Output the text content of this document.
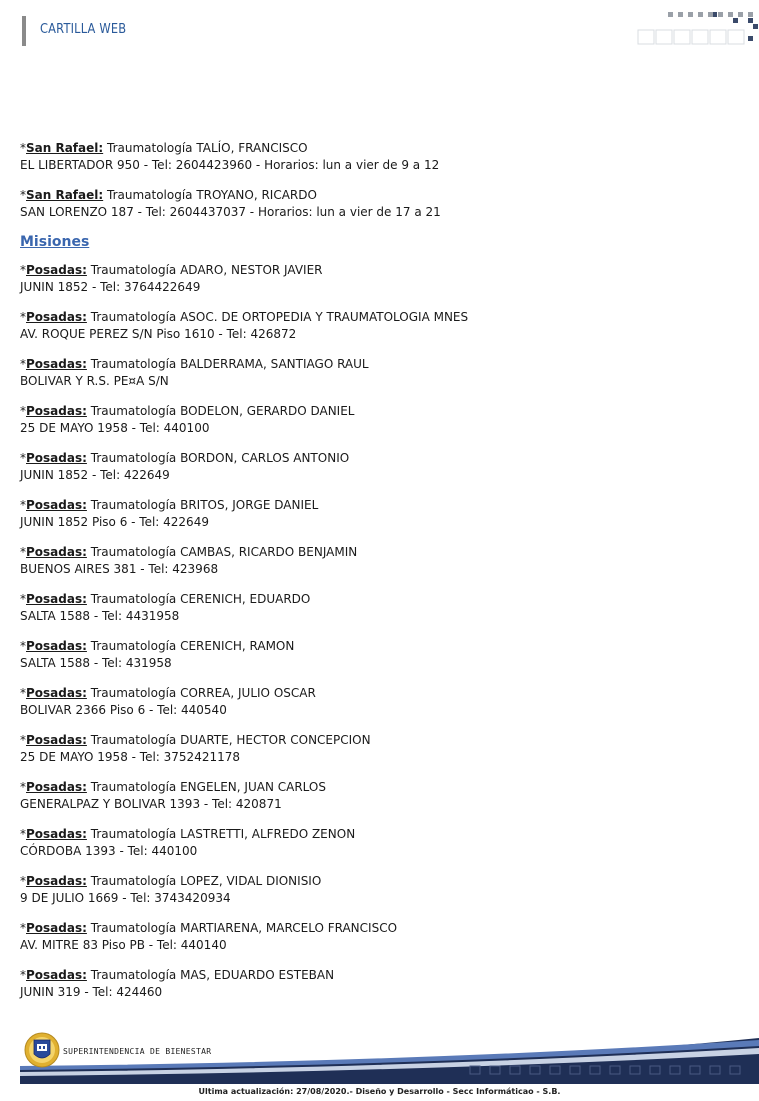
CARTILLA WEB
*San Rafael: Traumatología TALÍO, FRANCISCO
EL LIBERTADOR 950 - Tel: 2604423960 - Horarios: lun a vier de 9 a 12
*San Rafael: Traumatología TROYANO, RICARDO
SAN LORENZO 187 - Tel: 2604437037 - Horarios: lun a vier de 17 a 21
Misiones
*Posadas: Traumatología ADARO, NESTOR JAVIER
JUNIN 1852 - Tel: 3764422649
*Posadas: Traumatología ASOC. DE ORTOPEDIA Y TRAUMATOLOGIA MNES
AV. ROQUE PEREZ S/N Piso 1610 - Tel: 426872
*Posadas: Traumatología BALDERRAMA, SANTIAGO RAUL
BOLIVAR Y R.S. PE¤A S/N
*Posadas: Traumatología BODELON, GERARDO DANIEL
25 DE MAYO 1958 - Tel: 440100
*Posadas: Traumatología BORDON, CARLOS ANTONIO
JUNIN 1852 - Tel: 422649
*Posadas: Traumatología BRITOS, JORGE DANIEL
JUNIN 1852 Piso 6 - Tel: 422649
*Posadas: Traumatología CAMBAS, RICARDO BENJAMIN
BUENOS AIRES 381 - Tel: 423968
*Posadas: Traumatología CERENICH, EDUARDO
SALTA 1588 - Tel: 4431958
*Posadas: Traumatología CERENICH, RAMON
SALTA 1588 - Tel: 431958
*Posadas: Traumatología CORREA, JULIO OSCAR
BOLIVAR 2366 Piso 6 - Tel: 440540
*Posadas: Traumatología DUARTE, HECTOR CONCEPCION
25 DE MAYO 1958 - Tel: 3752421178
*Posadas: Traumatología ENGELEN, JUAN CARLOS
GENERALPAZ Y BOLIVAR 1393 - Tel: 420871
*Posadas: Traumatología LASTRETTI, ALFREDO ZENON
CÓRDOBA 1393 - Tel: 440100
*Posadas: Traumatología LOPEZ, VIDAL DIONISIO
9 DE JULIO 1669 - Tel: 3743420934
*Posadas: Traumatología MARTIARENA, MARCELO FRANCISCO
AV. MITRE 83 Piso PB - Tel: 440140
*Posadas: Traumatología MAS, EDUARDO ESTEBAN
JUNIN 319 - Tel: 424460
SUPERINTENDENCIA DE BIENESTAR
Ultima actualización: 27/08/2020.- Diseño y Desarrollo - Secc Informáticao - S.B.
